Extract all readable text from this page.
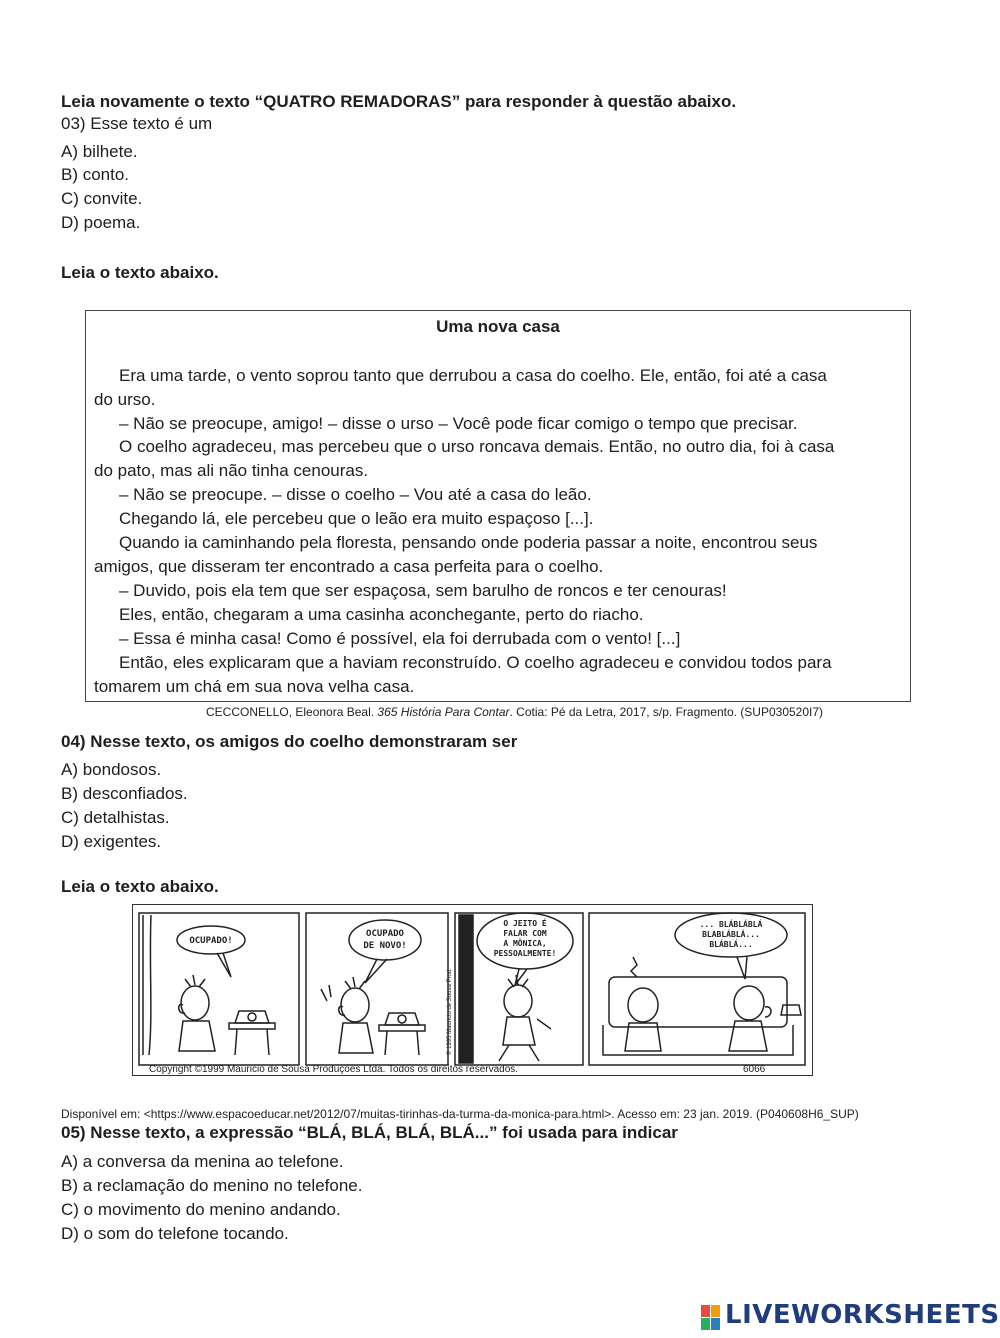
Leia novamente o texto “QUATRO REMADORAS” para responder à questão abaixo.
03) Esse texto é um
A) bilhete.
B) conto.
C) convite.
D) poema.
Leia o texto abaixo.
Uma nova casa
Era uma tarde, o vento soprou tanto que derrubou a casa do coelho. Ele, então, foi até a casa
do urso.
– Não se preocupe, amigo! – disse o urso – Você pode ficar comigo o tempo que precisar.
O coelho agradeceu, mas percebeu que o urso roncava demais. Então, no outro dia, foi à casa
do pato, mas ali não tinha cenouras.
– Não se preocupe. – disse o coelho – Vou até a casa do leão.
Chegando lá, ele percebeu que o leão era muito espaçoso [...].
Quando ia caminhando pela floresta, pensando onde poderia passar a noite, encontrou seus
amigos, que disseram ter encontrado a casa perfeita para o coelho.
– Duvido, pois ela tem que ser espaçosa, sem barulho de roncos e ter cenouras!
Eles, então, chegaram a uma casinha aconchegante, perto do riacho.
– Essa é minha casa! Como é possível, ela foi derrubada com o vento! [...]
Então, eles explicaram que a haviam reconstruído. O coelho agradeceu e convidou todos para
tomarem um chá em sua nova velha casa.
CECCONELLO, Eleonora Beal. 365 História Para Contar. Cotia: Pé da Letra, 2017, s/p. Fragmento. (SUP030520I7)
04) Nesse texto, os amigos do coelho demonstraram ser
A) bondosos.
B) desconfiados.
C) detalhistas.
D) exigentes.
Leia o texto abaixo.
OCUPADO!
OCUPADO
DE NOVO!
O JEITO É
FALAR COM
A MÔNICA,
PESSOALMENTE!
... BLÁBLÁBLÁ
BLABLÁBLÁ...
BLÁBLÁ...
© 1995 Mauricio de Sousa Prod.
Copyright ©1999 Mauricio de Sousa Produções Ltda. Todos os direitos reservados.	6066
Disponível em: <https://www.espacoeducar.net/2012/07/muitas-tirinhas-da-turma-da-monica-para.html>. Acesso em: 23 jan. 2019. (P040608H6_SUP)
05) Nesse texto, a expressão “BLÁ, BLÁ, BLÁ, BLÁ...” foi usada para indicar
A) a conversa da menina ao telefone.
B) a reclamação do menino no telefone.
C) o movimento do menino andando.
D) o som do telefone tocando.
LIVEWORKSHEETS
